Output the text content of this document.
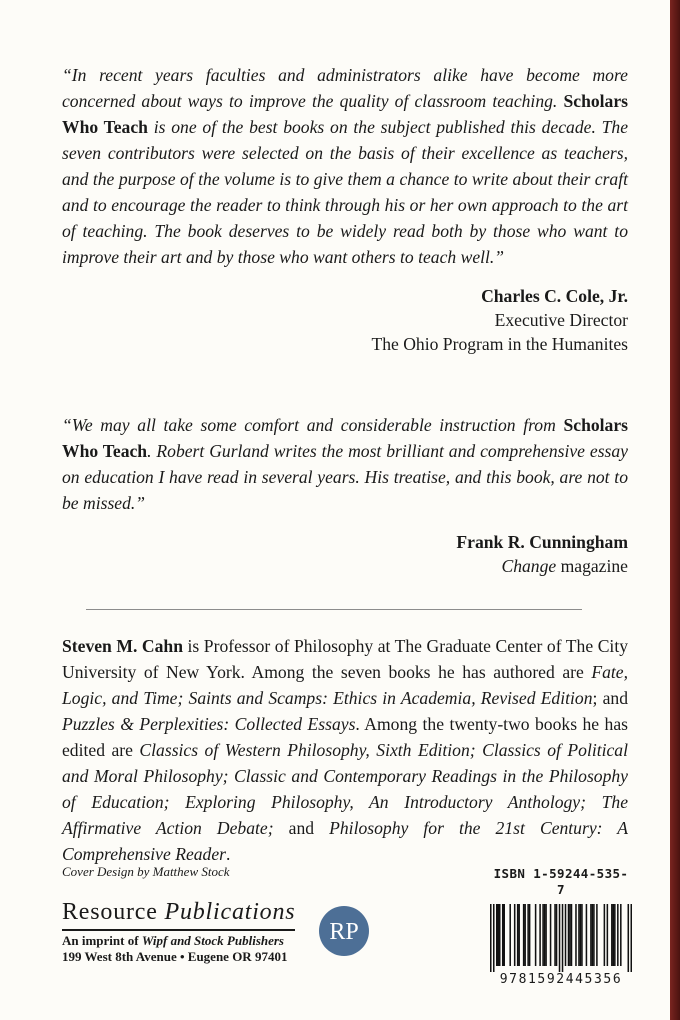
“In recent years faculties and administrators alike have become more concerned about ways to improve the quality of classroom teaching. Scholars Who Teach is one of the best books on the subject published this decade. The seven contributors were selected on the basis of their excellence as teachers, and the purpose of the volume is to give them a chance to write about their craft and to encourage the reader to think through his or her own approach to the art of teaching. The book deserves to be widely read both by those who want to improve their art and by those who want others to teach well.”

Charles C. Cole, Jr.
Executive Director
The Ohio Program in the Humanites

“We may all take some comfort and considerable instruction from Scholars Who Teach. Robert Gurland writes the most brilliant and comprehensive essay on education I have read in several years. His treatise, and this book, are not to be missed.”

Frank R. Cunningham
Change magazine

Steven M. Cahn is Professor of Philosophy at The Graduate Center of The City University of New York. Among the seven books he has authored are Fate, Logic, and Time; Saints and Scamps: Ethics in Academia, Revised Edition; and Puzzles & Perplexities: Collected Essays. Among the twenty-two books he has edited are Classics of Western Philosophy, Sixth Edition; Classics of Political and Moral Philosophy; Classic and Contemporary Readings in the Philosophy of Education; Exploring Philosophy, An Introductory Anthology; The Affirmative Action Debate; and Philosophy for the 21st Century: A Comprehensive Reader.

Cover Design by Matthew Stock
Resource Publications
An imprint of Wipf and Stock Publishers
199 West 8th Avenue • Eugene OR 97401
RP
ISBN 1-59244-535-7
9781592445356
